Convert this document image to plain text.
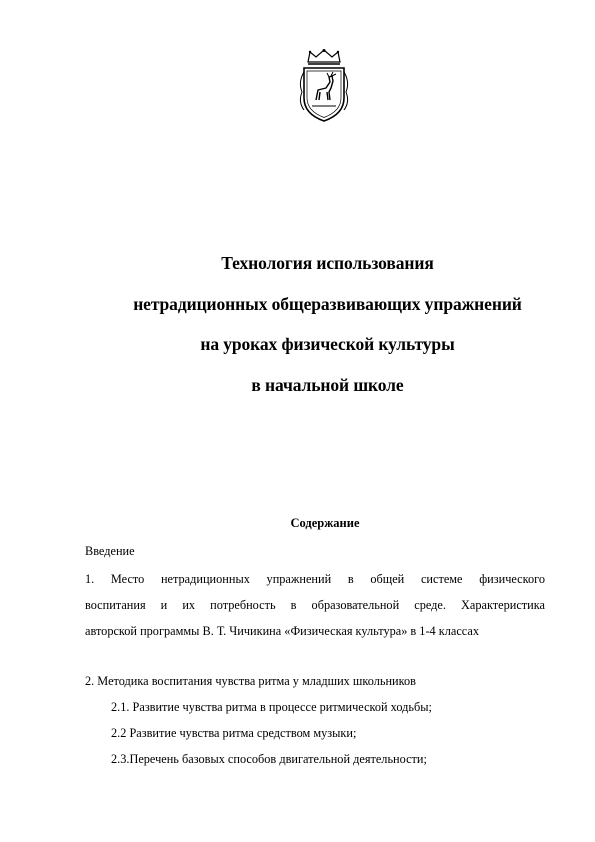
Технология использования
нетрадиционных общеразвивающих упражнений
на уроках физической культуры
в начальной школе
Содержание
Введение
1. Место нетрадиционных упражнений в общей системе физического
воспитания и их потребность в образовательной среде. Характеристика
авторской программы В. Т. Чичикина «Физическая культура» в 1-4 классах
2. Методика воспитания чувства ритма у младших школьников
2.1. Развитие чувства ритма в процессе ритмической ходьбы;
2.2 Развитие чувства ритма средством музыки;
2.3.Перечень базовых способов двигательной деятельности;
